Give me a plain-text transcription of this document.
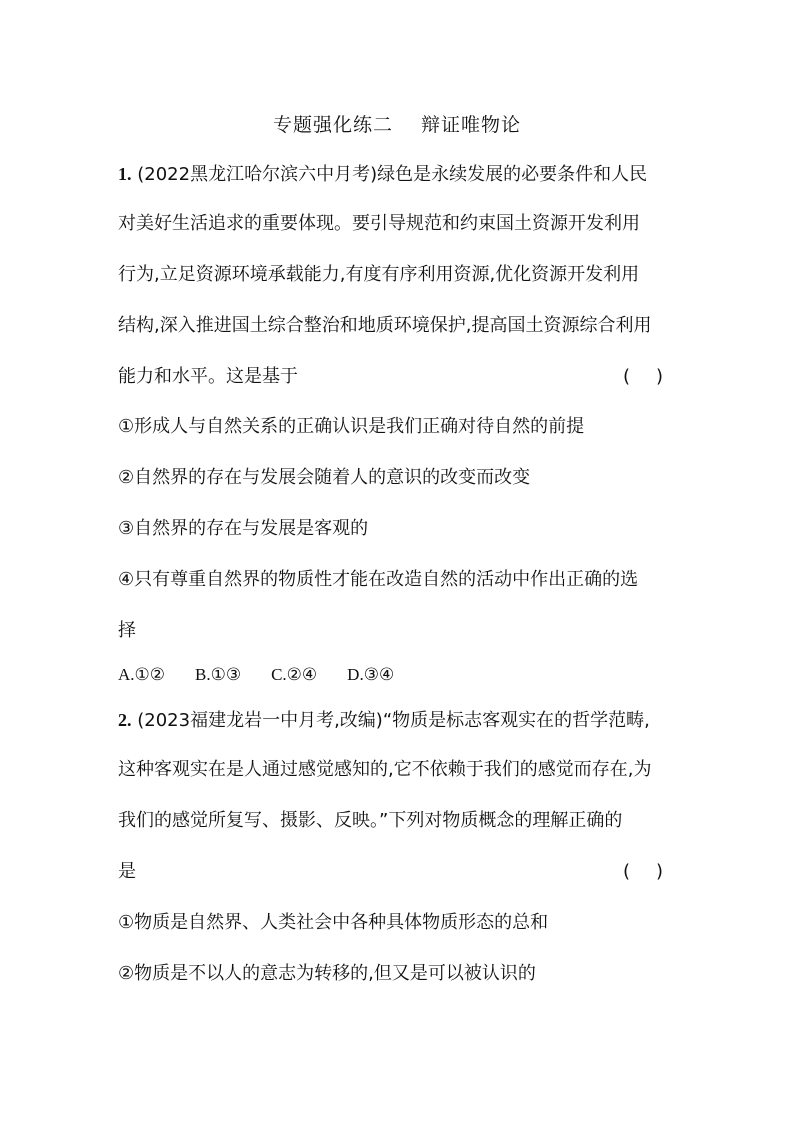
专题强化练二 辩证唯物论
1. (2022黑龙江哈尔滨六中月考)绿色是永续发展的必要条件和人民
对美好生活追求的重要体现。要引导规范和约束国土资源开发利用
行为,立足资源环境承载能力,有度有序利用资源,优化资源开发利用
结构,深入推进国土综合整治和地质环境保护,提高国土资源综合利用
能力和水平。这是基于	( )
①形成人与自然关系的正确认识是我们正确对待自然的前提
②自然界的存在与发展会随着人的意识的改变而改变
③自然界的存在与发展是客观的
④只有尊重自然界的物质性才能在改造自然的活动中作出正确的选
择
A.①② B.①③ C.②④ D.③④
2. (2023福建龙岩一中月考,改编)“物质是标志客观实在的哲学范畴,
这种客观实在是人通过感觉感知的,它不依赖于我们的感觉而存在,为
我们的感觉所复写、摄影、反映。”下列对物质概念的理解正确的
是	( )
①物质是自然界、人类社会中各种具体物质形态的总和
②物质是不以人的意志为转移的,但又是可以被认识的
